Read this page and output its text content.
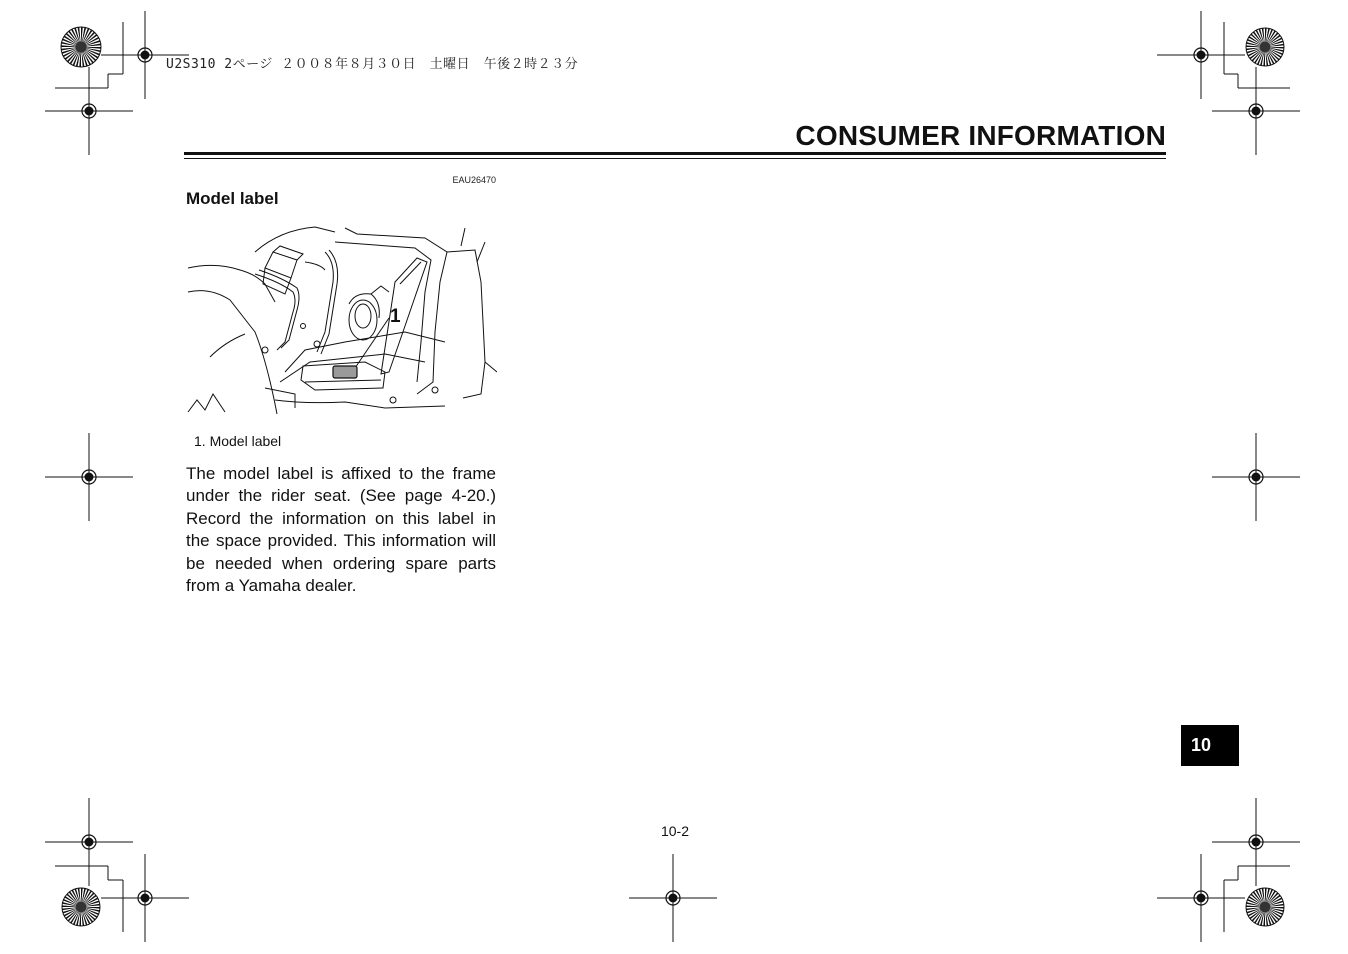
U2S310 2ページ ２００８年８月３０日　土曜日　午後２時２３分
CONSUMER INFORMATION
EAU26470
Model label
1
1. Model label
The model label is affixed to the frame under the rider seat. (See page 4-20.) Record the information on this label in the space provided. This information will be needed when ordering spare parts from a Yamaha dealer.
10
10-2
